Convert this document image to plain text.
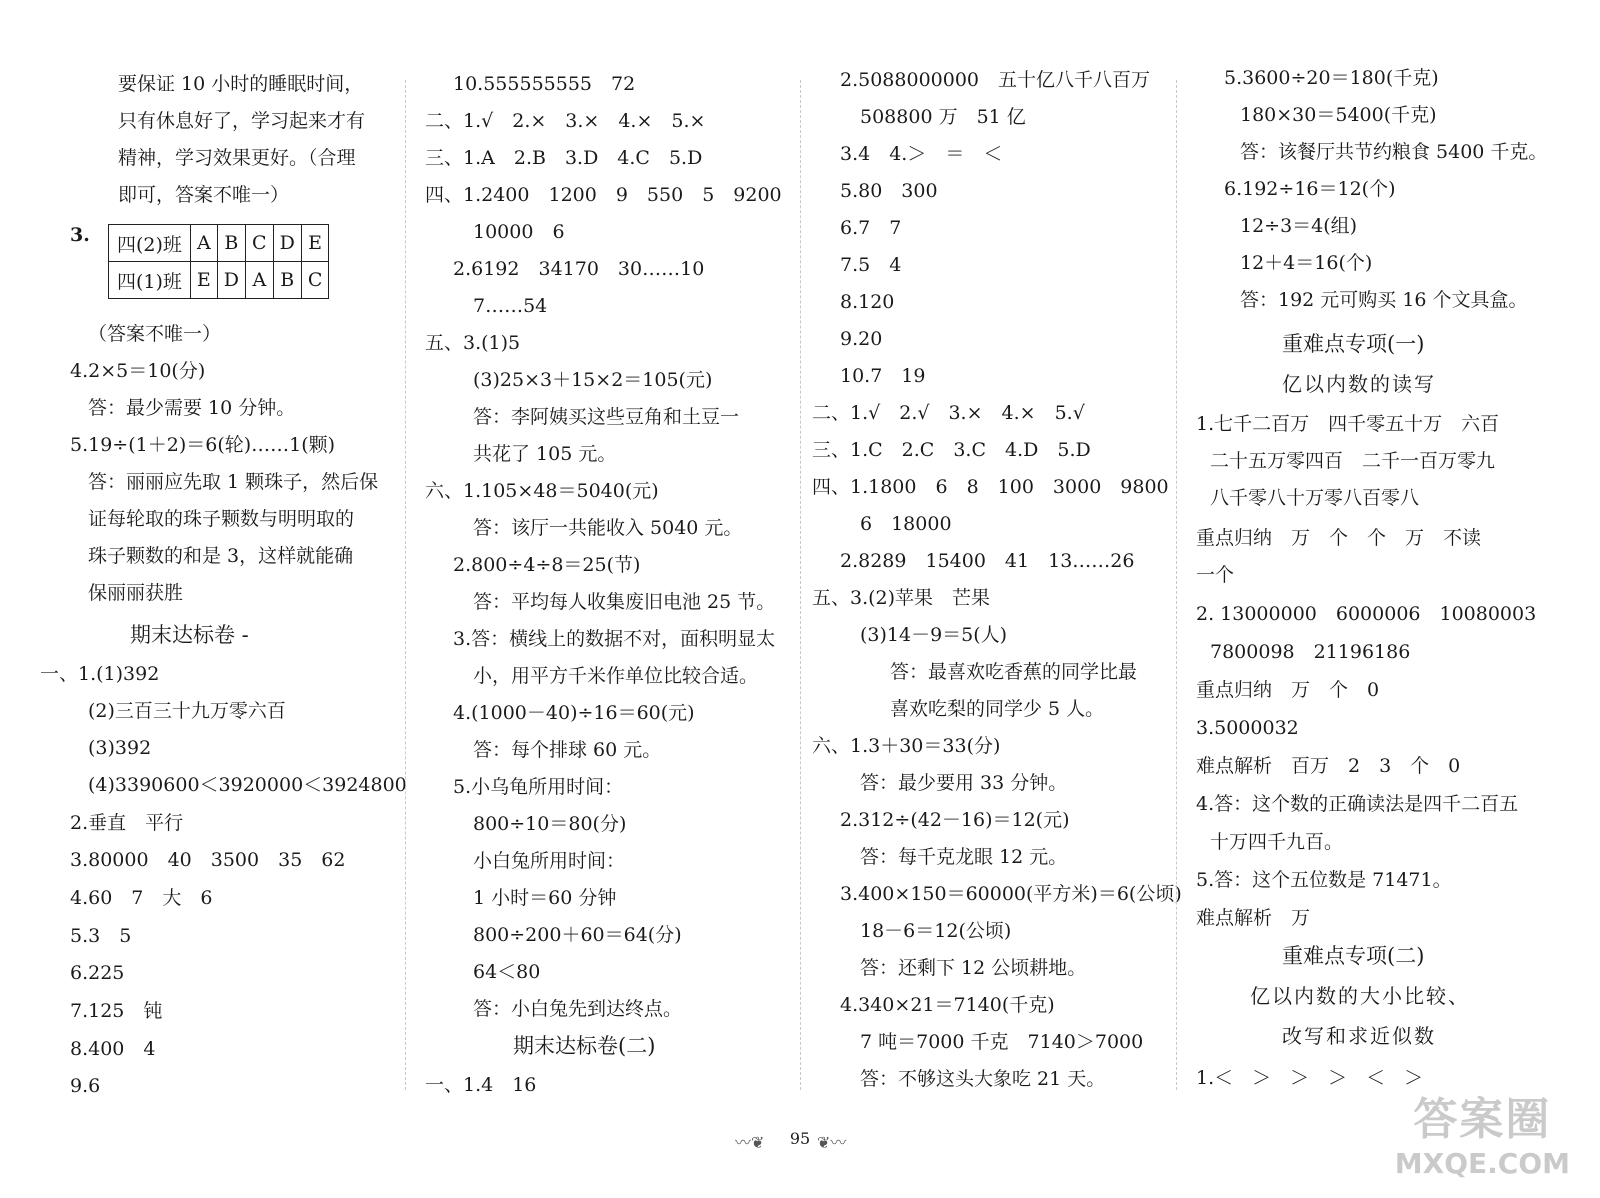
要保证 10 小时的睡眠时间，
只有休息好了，学习起来才有
精神，学习效果更好。（合理
即可，答案不唯一）
3. 四(2)班	A	B	C	D	E
四(1)班	E	D	A	B	C
（答案不唯一）
4.2×5＝10(分)
答：最少需要 10 分钟。
5.19÷(1＋2)＝6(轮)……1(颗)
答：丽丽应先取 1 颗珠子，然后保
证每轮取的珠子颗数与明明取的
珠子颗数的和是 3，这样就能确
保丽丽获胜
期末达标卷 -
一、1.(1)392
(2)三百三十九万零六百
(3)392
(4)3390600＜3920000＜3924800
2.垂直　平行
3.80000　40　3500　35　62
4.60　7　大　6
5.3　5
6.225
7.125　钝
8.400　4
9.6
10.555555555　72
二、1.√　2.×　3.×　4.×　5.×
三、1.A　2.B　3.D　4.C　5.D
四、1.2400　1200　9　550　5　9200
10000　6
2.6192　34170　30……10
7……54
五、3.(1)5
(3)25×3＋15×2＝105(元)
答：李阿姨买这些豆角和土豆一
共花了 105 元。
六、1.105×48＝5040(元)
答：该厅一共能收入 5040 元。
2.800÷4÷8＝25(节)
答：平均每人收集废旧电池 25 节。
3.答：横线上的数据不对，面积明显太
小，用平方千米作单位比较合适。
4.(1000－40)÷16＝60(元)
答：每个排球 60 元。
5.小乌龟所用时间：
800÷10＝80(分)
小白兔所用时间：
1 小时＝60 分钟
800÷200＋60＝64(分)
64＜80
答：小白兔先到达终点。
期末达标卷(二)
一、1.4　16
2.5088000000　五十亿八千八百万
508800 万　51 亿
3.4　4.＞　＝　＜
5.80　300
6.7　7
7.5　4
8.120
9.20
10.7　19
二、1.√　2.√　3.×　4.×　5.√
三、1.C　2.C　3.C　4.D　5.D
四、1.1800　6　8　100　3000　9800
6　18000
2.8289　15400　41　13……26
五、3.(2)苹果　芒果
(3)14－9＝5(人)
答：最喜欢吃香蕉的同学比最
喜欢吃梨的同学少 5 人。
六、1.3＋30＝33(分)
答：最少要用 33 分钟。
2.312÷(42－16)＝12(元)
答：每千克龙眼 12 元。
3.400×150＝60000(平方米)＝6(公顷)
18－6＝12(公顷)
答：还剩下 12 公顷耕地。
4.340×21＝7140(千克)
7 吨＝7000 千克　7140＞7000
答：不够这头大象吃 21 天。
5.3600÷20＝180(千克)
180×30＝5400(千克)
答：该餐厅共节约粮食 5400 千克。
6.192÷16＝12(个)
12÷3＝4(组)
12＋4＝16(个)
答：192 元可购买 16 个文具盒。
重难点专项(一)
亿以内数的读写
1.七千二百万　四千零五十万　六百
二十五万零四百　二千一百万零九
八千零八十万零八百零八
重点归纳　万　个　个　万　不读
一个
2. 13000000　6000006　10080003
7800098　21196186
重点归纳　万　个　0
3.5000032
难点解析　百万　2　3　个　0
4.答：这个数的正确读法是四千二百五
十万四千九百。
5.答：这个五位数是 71471。
难点解析　万
重难点专项(二)
亿以内数的大小比较、
改写和求近似数
1.＜　＞　＞　＞　＜　＞
〰❦	95 ❦〰	答案圈
MXQE.COM
